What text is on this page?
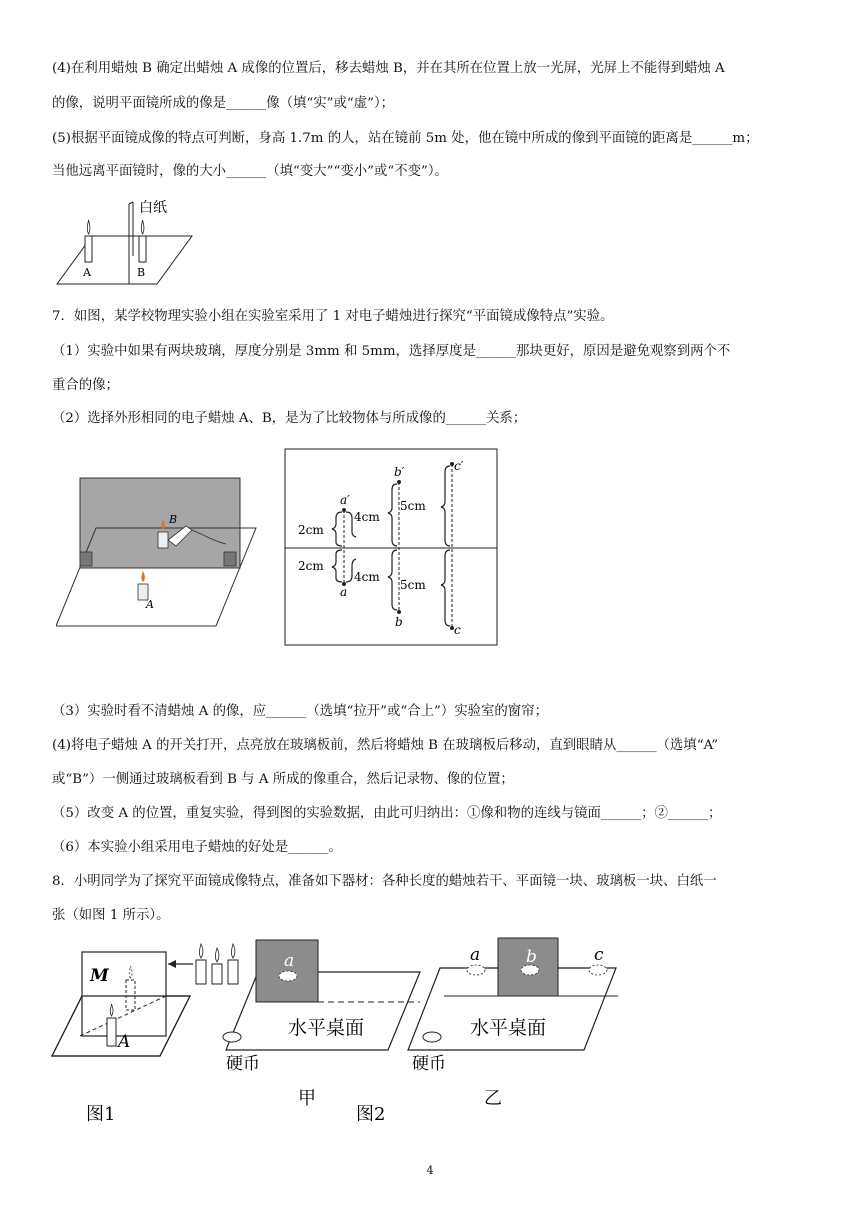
(4)在利用蜡烛 B 确定出蜡烛 A 成像的位置后，移去蜡烛 B，并在其所在位置上放一光屏，光屏上不能得到蜡烛 A
的像，说明平面镜所成的像是______像（填“实”或“虚”）；
(5)根据平面镜成像的特点可判断，身高 1.7m 的人，站在镜前 5m 处，他在镜中所成的像到平面镜的距离是______m；
当他远离平面镜时，像的大小______（填“变大”“变小”或“不变”）。
白纸
A	B
7．如图，某学校物理实验小组在实验室采用了 1 对电子蜡烛进行探究“平面镜成像特点”实验。
（1）实验中如果有两块玻璃，厚度分别是 3mm 和 5mm，选择厚度是______那块更好，原因是避免观察到两个不
重合的像；
（2）选择外形相同的电子蜡烛 A、B，是为了比较物体与所成像的______关系；
B
A
a′
b′	c′
a
b
c
2cm
4cm
5cm
2cm
4cm
5cm
（3）实验时看不清蜡烛 A 的像，应______（选填“拉开”或“合上”）实验室的窗帘；
(4)将电子蜡烛 A 的开关打开，点亮放在玻璃板前，然后将蜡烛 B 在玻璃板后移动，直到眼睛从______（选填“A”
或“B”）一侧通过玻璃板看到 B 与 A 所成的像重合，然后记录物、像的位置；
（5）改变 A 的位置，重复实验，得到图的实验数据，由此可归纳出：①像和物的连线与镜面______；②______；
（6）本实验小组采用电子蜡烛的好处是______。
8．小明同学为了探究平面镜成像特点，准备如下器材：各种长度的蜡烛若干、平面镜一块、玻璃板一块、白纸一
张（如图 1 所示）。
M
A
图1
a
水平桌面
硬币
甲
a	b	c
水平桌面
硬币
图2
乙
4
